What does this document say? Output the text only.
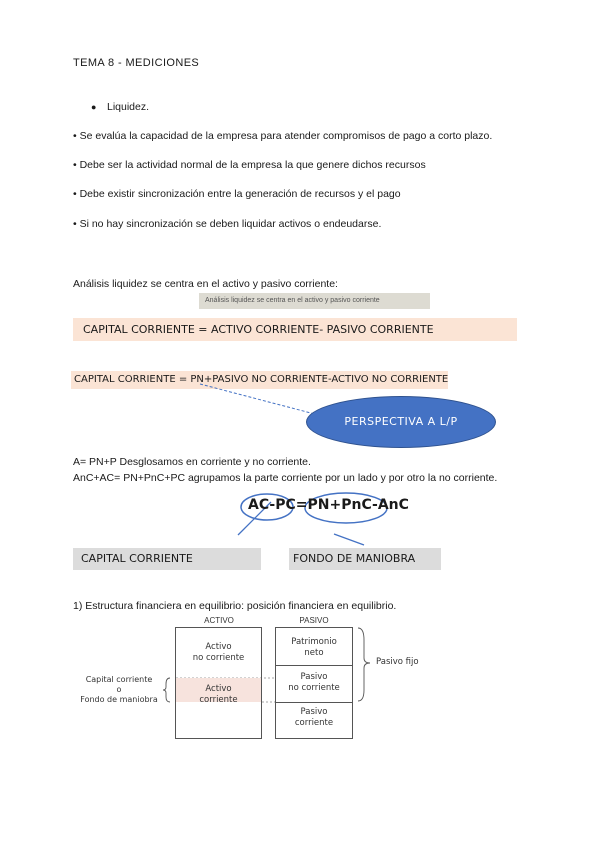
TEMA 8 - MEDICIONES
● Liquidez.
• Se evalúa la capacidad de la empresa para atender compromisos de pago a corto plazo.
• Debe ser la actividad normal de la empresa la que genere dichos recursos
• Debe existir sincronización entre la generación de recursos y el pago
• Si no hay sincronización se deben liquidar activos o endeudarse.
Análisis liquidez se centra en el activo y pasivo corriente:
Análisis liquidez se centra en el activo y pasivo corriente
CAPITAL CORRIENTE = ACTIVO CORRIENTE- PASIVO CORRIENTE
CAPITAL CORRIENTE = PN+PASIVO NO CORRIENTE-ACTIVO NO CORRIENTE
PERSPECTIVA A L/P
A= PN+P Desglosamos en corriente y no corriente.
AnC+AC= PN+PnC+PC agrupamos la parte corriente por un lado y por otro la no corriente.
AC-PC=PN+PnC-AnC
CAPITAL CORRIENTE	FONDO DE MANIOBRA
1) Estructura financiera en equilibrio: posición financiera en equilibrio.
ACTIVO	PASIVO
Activo
no corriente
Activo
corriente
Patrimonio
neto
Pasivo
no corriente
Pasivo
corriente
Capital corriente
o
Fondo de maniobra
Pasivo fijo
